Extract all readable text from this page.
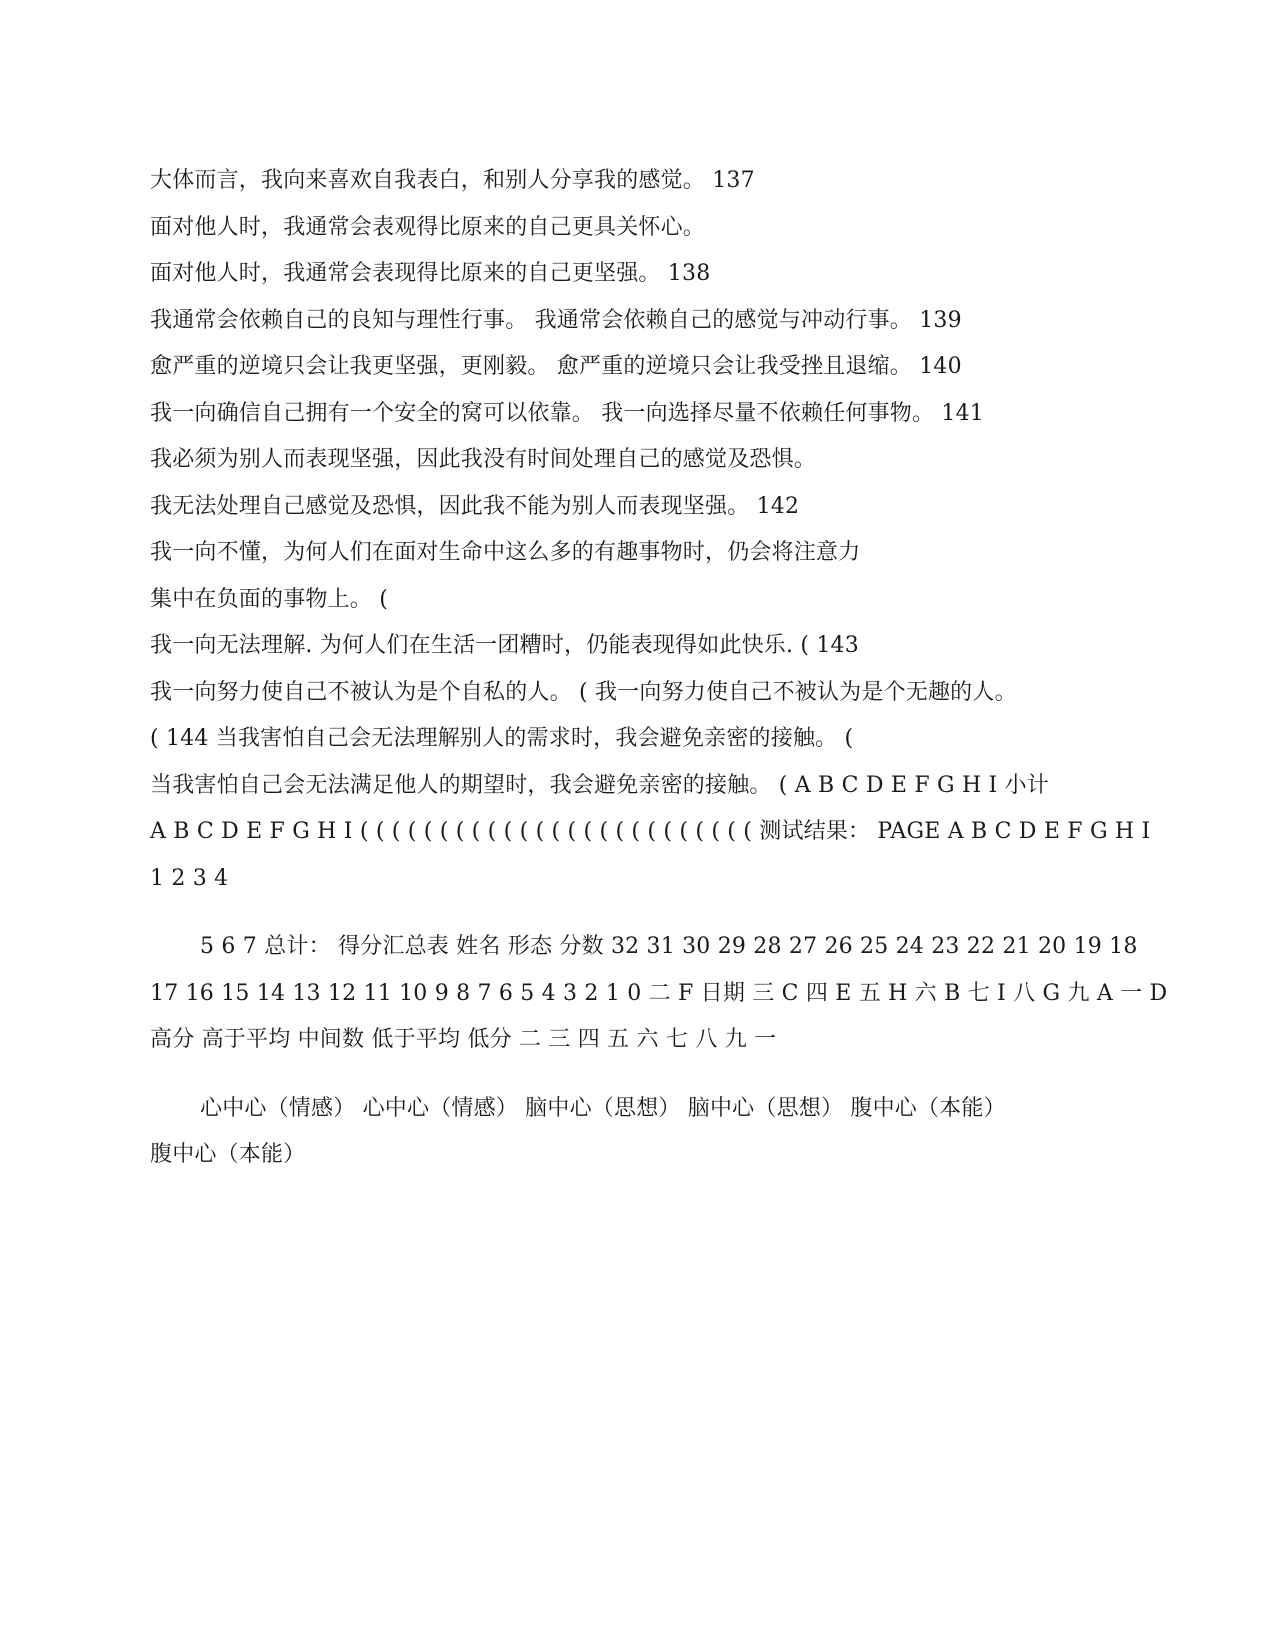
大体而言，我向来喜欢自我表白，和别人分享我的感觉。 137
面对他人时，我通常会表观得比原来的自己更具关怀心。
面对他人时，我通常会表现得比原来的自己更坚强。 138
我通常会依赖自己的良知与理性行事。 我通常会依赖自己的感觉与冲动行事。 139
愈严重的逆境只会让我更坚强，更刚毅。 愈严重的逆境只会让我受挫且退缩。 140
我一向确信自己拥有一个安全的窝可以依靠。 我一向选择尽量不依赖任何事物。 141
我必须为别人而表现坚强，因此我没有时间处理自己的感觉及恐惧。
我无法处理自己感觉及恐惧，因此我不能为别人而表现坚强。 142
我一向不懂，为何人们在面对生命中这么多的有趣事物时，仍会将注意力
集中在负面的事物上。 (
我一向无法理解. 为何人们在生活一团糟时，仍能表现得如此快乐. ( 143
我一向努力使自己不被认为是个自私的人。 ( 我一向努力使自己不被认为是个无趣的人。
( 144 当我害怕自己会无法理解别人的需求时，我会避免亲密的接触。 (
当我害怕自己会无法满足他人的期望时，我会避免亲密的接触。 ( A B C D E F G H I 小计
A B C D E F G H I ( ( ( ( ( ( ( ( ( ( ( ( ( ( ( ( ( ( ( ( ( ( ( ( ( 测试结果： PAGE A B C D E F G H I
1 2 3 4
5 6 7 总计： 得分汇总表 姓名 形态 分数 32 31 30 29 28 27 26 25 24 23 22 21 20 19 18
17 16 15 14 13 12 11 10 9 8 7 6 5 4 3 2 1 0 二 F 日期 三 C 四 E 五 H 六 B 七 I 八 G 九 A 一 D
高分 高于平均 中间数 低于平均 低分 二 三 四 五 六 七 八 九 一
心中心（情感） 心中心（情感） 脑中心（思想） 脑中心（思想） 腹中心（本能）
腹中心（本能）
